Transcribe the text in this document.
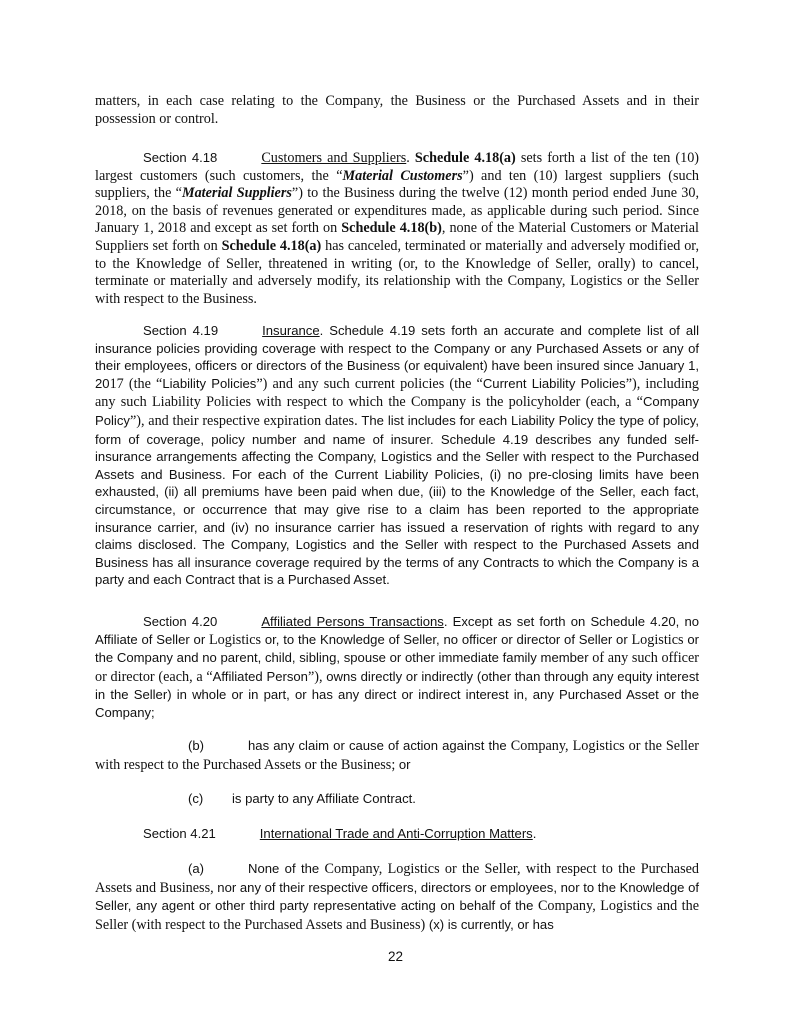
matters, in each case relating to the Company, the Business or the Purchased Assets and in their possession or control.

Section 4.18	Customers and Suppliers. Schedule 4.18(a) sets forth a list of the ten (10) largest customers (such customers, the “Material Customers”) and ten (10) largest suppliers (such suppliers, the “Material Suppliers”) to the Business during the twelve (12) month period ended June 30, 2018, on the basis of revenues generated or expenditures made, as applicable during such period. Since January 1, 2018 and except as set forth on Schedule 4.18(b), none of the Material Customers or Material Suppliers set forth on Schedule 4.18(a) has canceled, terminated or materially and adversely modified or, to the Knowledge of Seller, threatened in writing (or, to the Knowledge of Seller, orally) to cancel, terminate or materially and adversely modify, its relationship with the Company, Logistics or the Seller with respect to the Business.

Section 4.19	Insurance. Schedule 4.19 sets forth an accurate and complete list of all insurance policies providing coverage with respect to the Company or any Purchased Assets or any of their employees, officers or directors of the Business (or equivalent) have been insured since January 1, 2017 (the “Liability Policies”) and any such current policies (the “Current Liability Policies”), including any such Liability Policies with respect to which the Company is the policyholder (each, a “Company Policy”), and their respective expiration dates. The list includes for each Liability Policy the type of policy, form of coverage, policy number and name of insurer. Schedule 4.19 describes any funded self-insurance arrangements affecting the Company, Logistics and the Seller with respect to the Purchased Assets and Business. For each of the Current Liability Policies, (i) no pre-closing limits have been exhausted, (ii) all premiums have been paid when due, (iii) to the Knowledge of the Seller, each fact, circumstance, or occurrence that may give rise to a claim has been reported to the appropriate insurance carrier, and (iv) no insurance carrier has issued a reservation of rights with regard to any claims disclosed. The Company, Logistics and the Seller with respect to the Purchased Assets and Business has all insurance coverage required by the terms of any Contracts to which the Company is a party and each Contract that is a Purchased Asset.

Section 4.20	Affiliated Persons Transactions. Except as set forth on Schedule 4.20, no Affiliate of Seller or Logistics or, to the Knowledge of Seller, no officer or director of Seller or Logistics or the Company and no parent, child, sibling, spouse or other immediate family member of any such officer or director (each, a “Affiliated Person”), owns directly or indirectly (other than through any equity interest in the Seller) in whole or in part, or has any direct or indirect interest in, any Purchased Asset or the Company;

(b)	has any claim or cause of action against the Company, Logistics or the Seller with respect to the Purchased Assets or the Business; or

(c) is party to any Affiliate Contract.

Section 4.21	International Trade and Anti-Corruption Matters.

(a)	None of the Company, Logistics or the Seller, with respect to the Purchased Assets and Business, nor any of their respective officers, directors or employees, nor to the Knowledge of Seller, any agent or other third party representative acting on behalf of the Company, Logistics and the Seller (with respect to the Purchased Assets and Business) (x) is currently, or has

22
